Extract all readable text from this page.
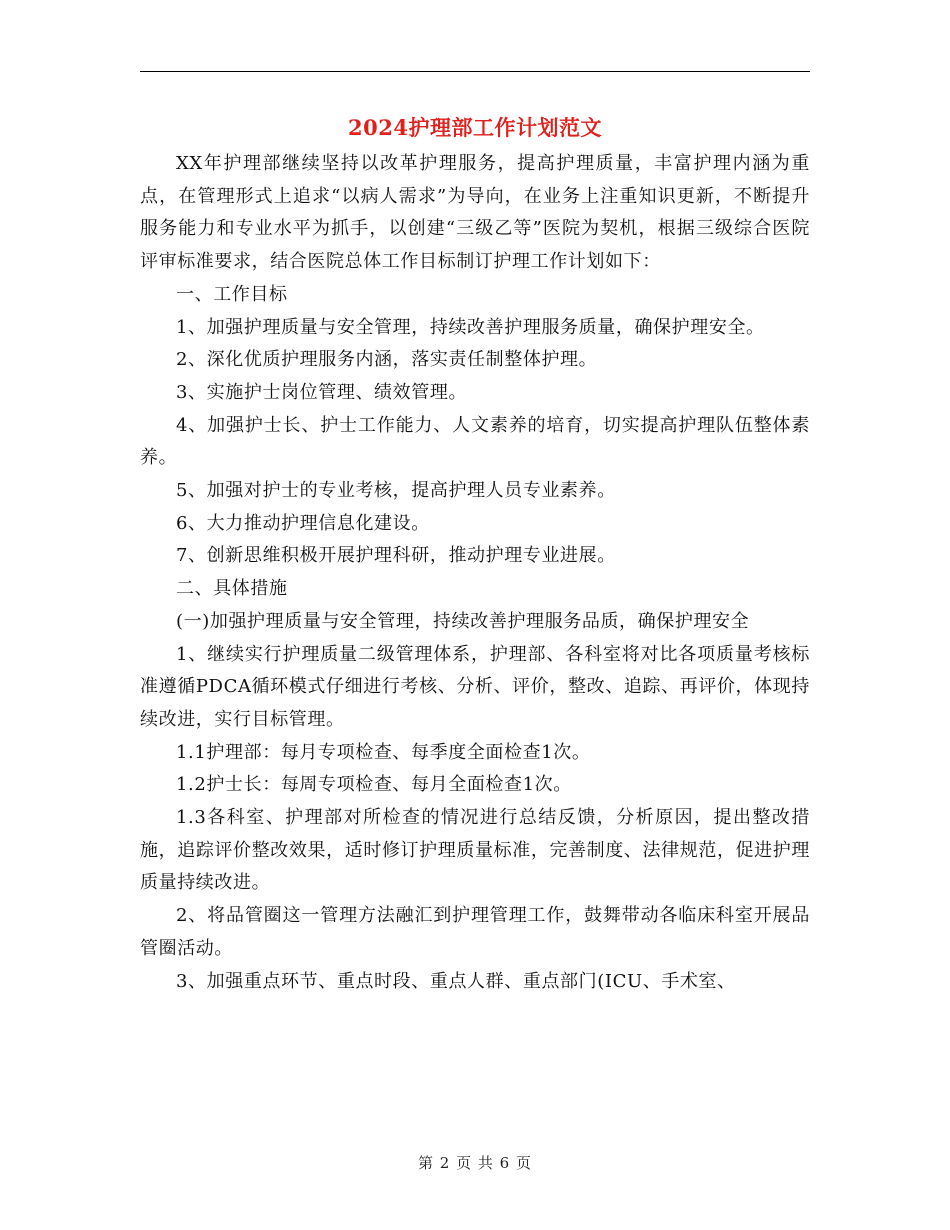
2024护理部工作计划范文

XX年护理部继续坚持以改革护理服务，提高护理质量，丰富护理内涵为重点，在管理形式上追求“以病人需求”为导向，在业务上注重知识更新，不断提升服务能力和专业水平为抓手，以创建“三级乙等”医院为契机，根据三级综合医院评审标准要求，结合医院总体工作目标制订护理工作计划如下：

一、工作目标

1、加强护理质量与安全管理，持续改善护理服务质量，确保护理安全。

2、深化优质护理服务内涵，落实责任制整体护理。

3、实施护士岗位管理、绩效管理。

4、加强护士长、护士工作能力、人文素养的培育，切实提高护理队伍整体素养。

5、加强对护士的专业考核，提高护理人员专业素养。

6、大力推动护理信息化建设。

7、创新思维积极开展护理科研，推动护理专业进展。

二、具体措施

(一)加强护理质量与安全管理，持续改善护理服务品质，确保护理安全

1、继续实行护理质量二级管理体系，护理部、各科室将对比各项质量考核标准遵循PDCA循环模式仔细进行考核、分析、评价，整改、追踪、再评价，体现持续改进，实行目标管理。

1.1护理部：每月专项检查、每季度全面检查1次。

1.2护士长：每周专项检查、每月全面检查1次。

1.3各科室、护理部对所检查的情况进行总结反馈，分析原因，提出整改措施，追踪评价整改效果，适时修订护理质量标准，完善制度、法律规范，促进护理质量持续改进。

2、将品管圈这一管理方法融汇到护理管理工作，鼓舞带动各临床科室开展品管圈活动。

3、加强重点环节、重点时段、重点人群、重点部门(ICU、手术室、

第 2 页 共 6 页
